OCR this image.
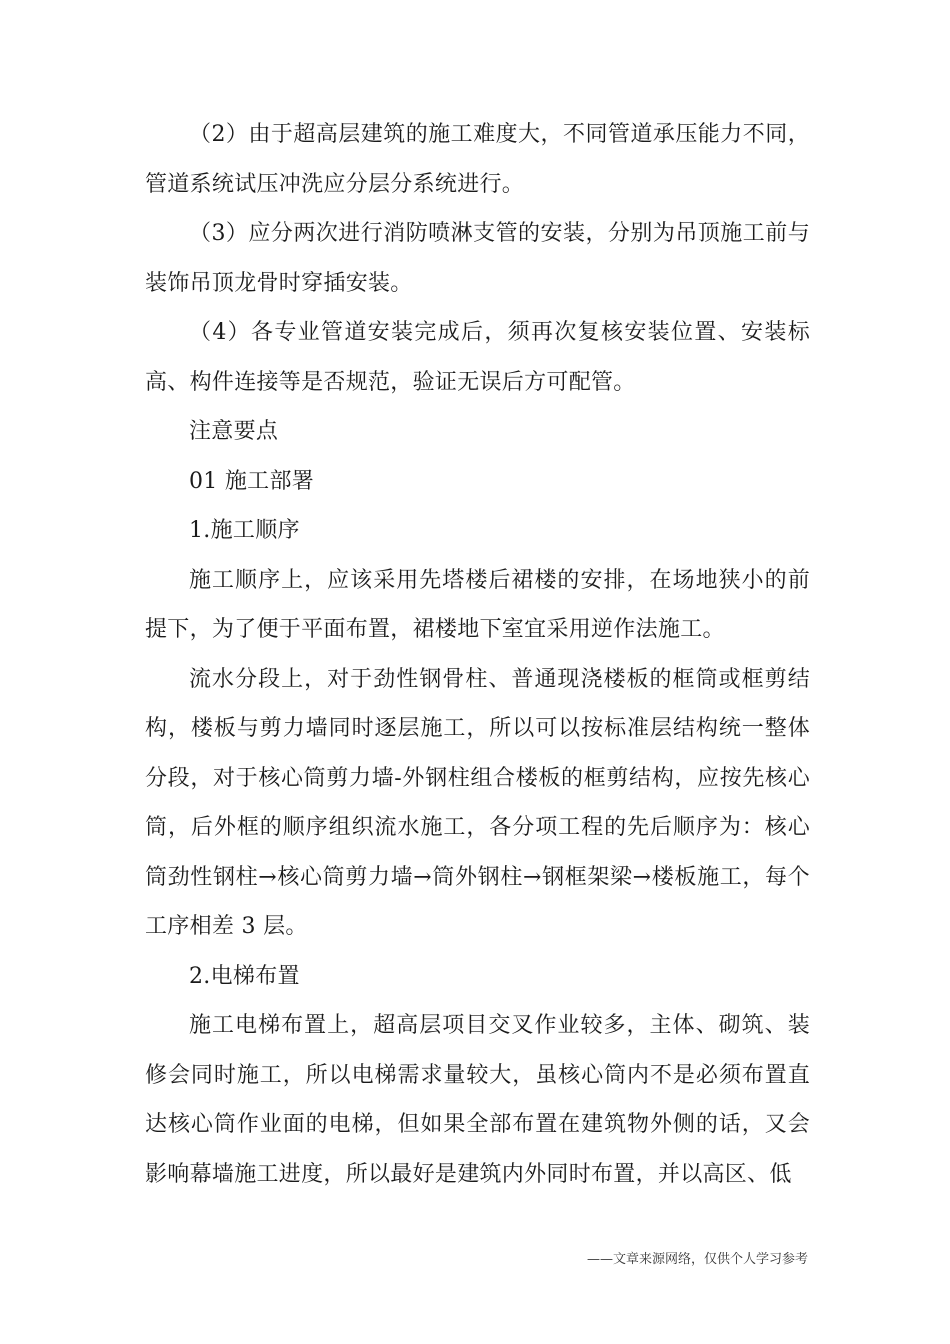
（2）由于超高层建筑的施工难度大，不同管道承压能力不同，管道系统试压冲洗应分层分系统进行。

（3）应分两次进行消防喷淋支管的安装，分别为吊顶施工前与装饰吊顶龙骨时穿插安装。

（4）各专业管道安装完成后，须再次复核安装位置、安装标高、构件连接等是否规范，验证无误后方可配管。

注意要点

01 施工部署

1.施工顺序

施工顺序上，应该采用先塔楼后裙楼的安排，在场地狭小的前提下，为了便于平面布置，裙楼地下室宜采用逆作法施工。

流水分段上，对于劲性钢骨柱、普通现浇楼板的框筒或框剪结构，楼板与剪力墙同时逐层施工，所以可以按标准层结构统一整体分段，对于核心筒剪力墙-外钢柱组合楼板的框剪结构，应按先核心筒，后外框的顺序组织流水施工，各分项工程的先后顺序为：核心筒劲性钢柱→核心筒剪力墙→筒外钢柱→钢框架梁→楼板施工，每个工序相差 3 层。

2.电梯布置

施工电梯布置上，超高层项目交叉作业较多，主体、砌筑、装修会同时施工，所以电梯需求量较大，虽核心筒内不是必须布置直达核心筒作业面的电梯，但如果全部布置在建筑物外侧的话，又会影响幕墙施工进度，所以最好是建筑内外同时布置，并以高区、低

——文章来源网络，仅供个人学习参考
